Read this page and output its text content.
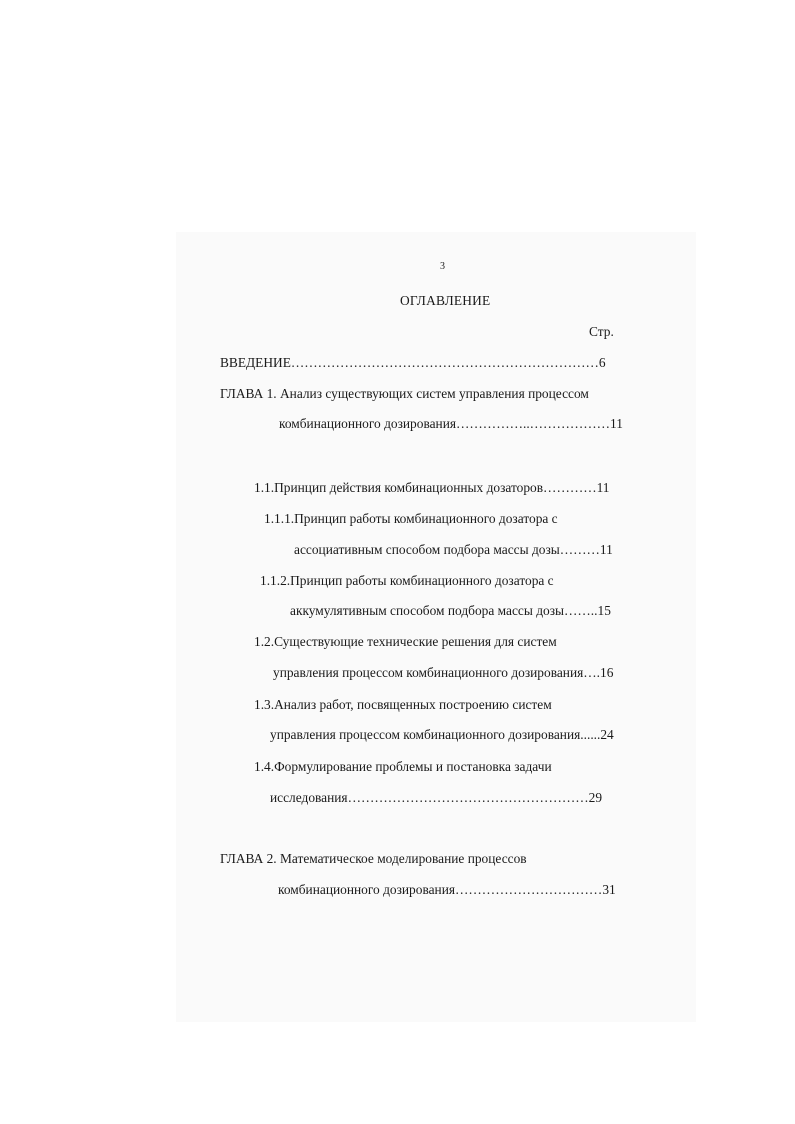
3
ОГЛАВЛЕНИЕ
Стр.
ВВЕДЕНИЕ……………………………………………………………6
ГЛАВА 1. Анализ существующих систем управления процессом
комбинационного дозирования……………..………………11
1.1.Принцип действия комбинационных дозаторов…………11
1.1.1.Принцип работы комбинационного дозатора с
ассоциативным способом подбора массы дозы………11
1.1.2.Принцип работы комбинационного дозатора с
аккумулятивным способом подбора массы дозы……..15
1.2.Существующие технические решения для систем
управления процессом комбинационного дозирования….16
1.3.Анализ работ, посвященных построению систем
управления процессом комбинационного дозирования......24
1.4.Формулирование проблемы и постановка задачи
исследования………………………………………………29
ГЛАВА 2. Математическое моделирование процессов
комбинационного дозирования……………………………31
